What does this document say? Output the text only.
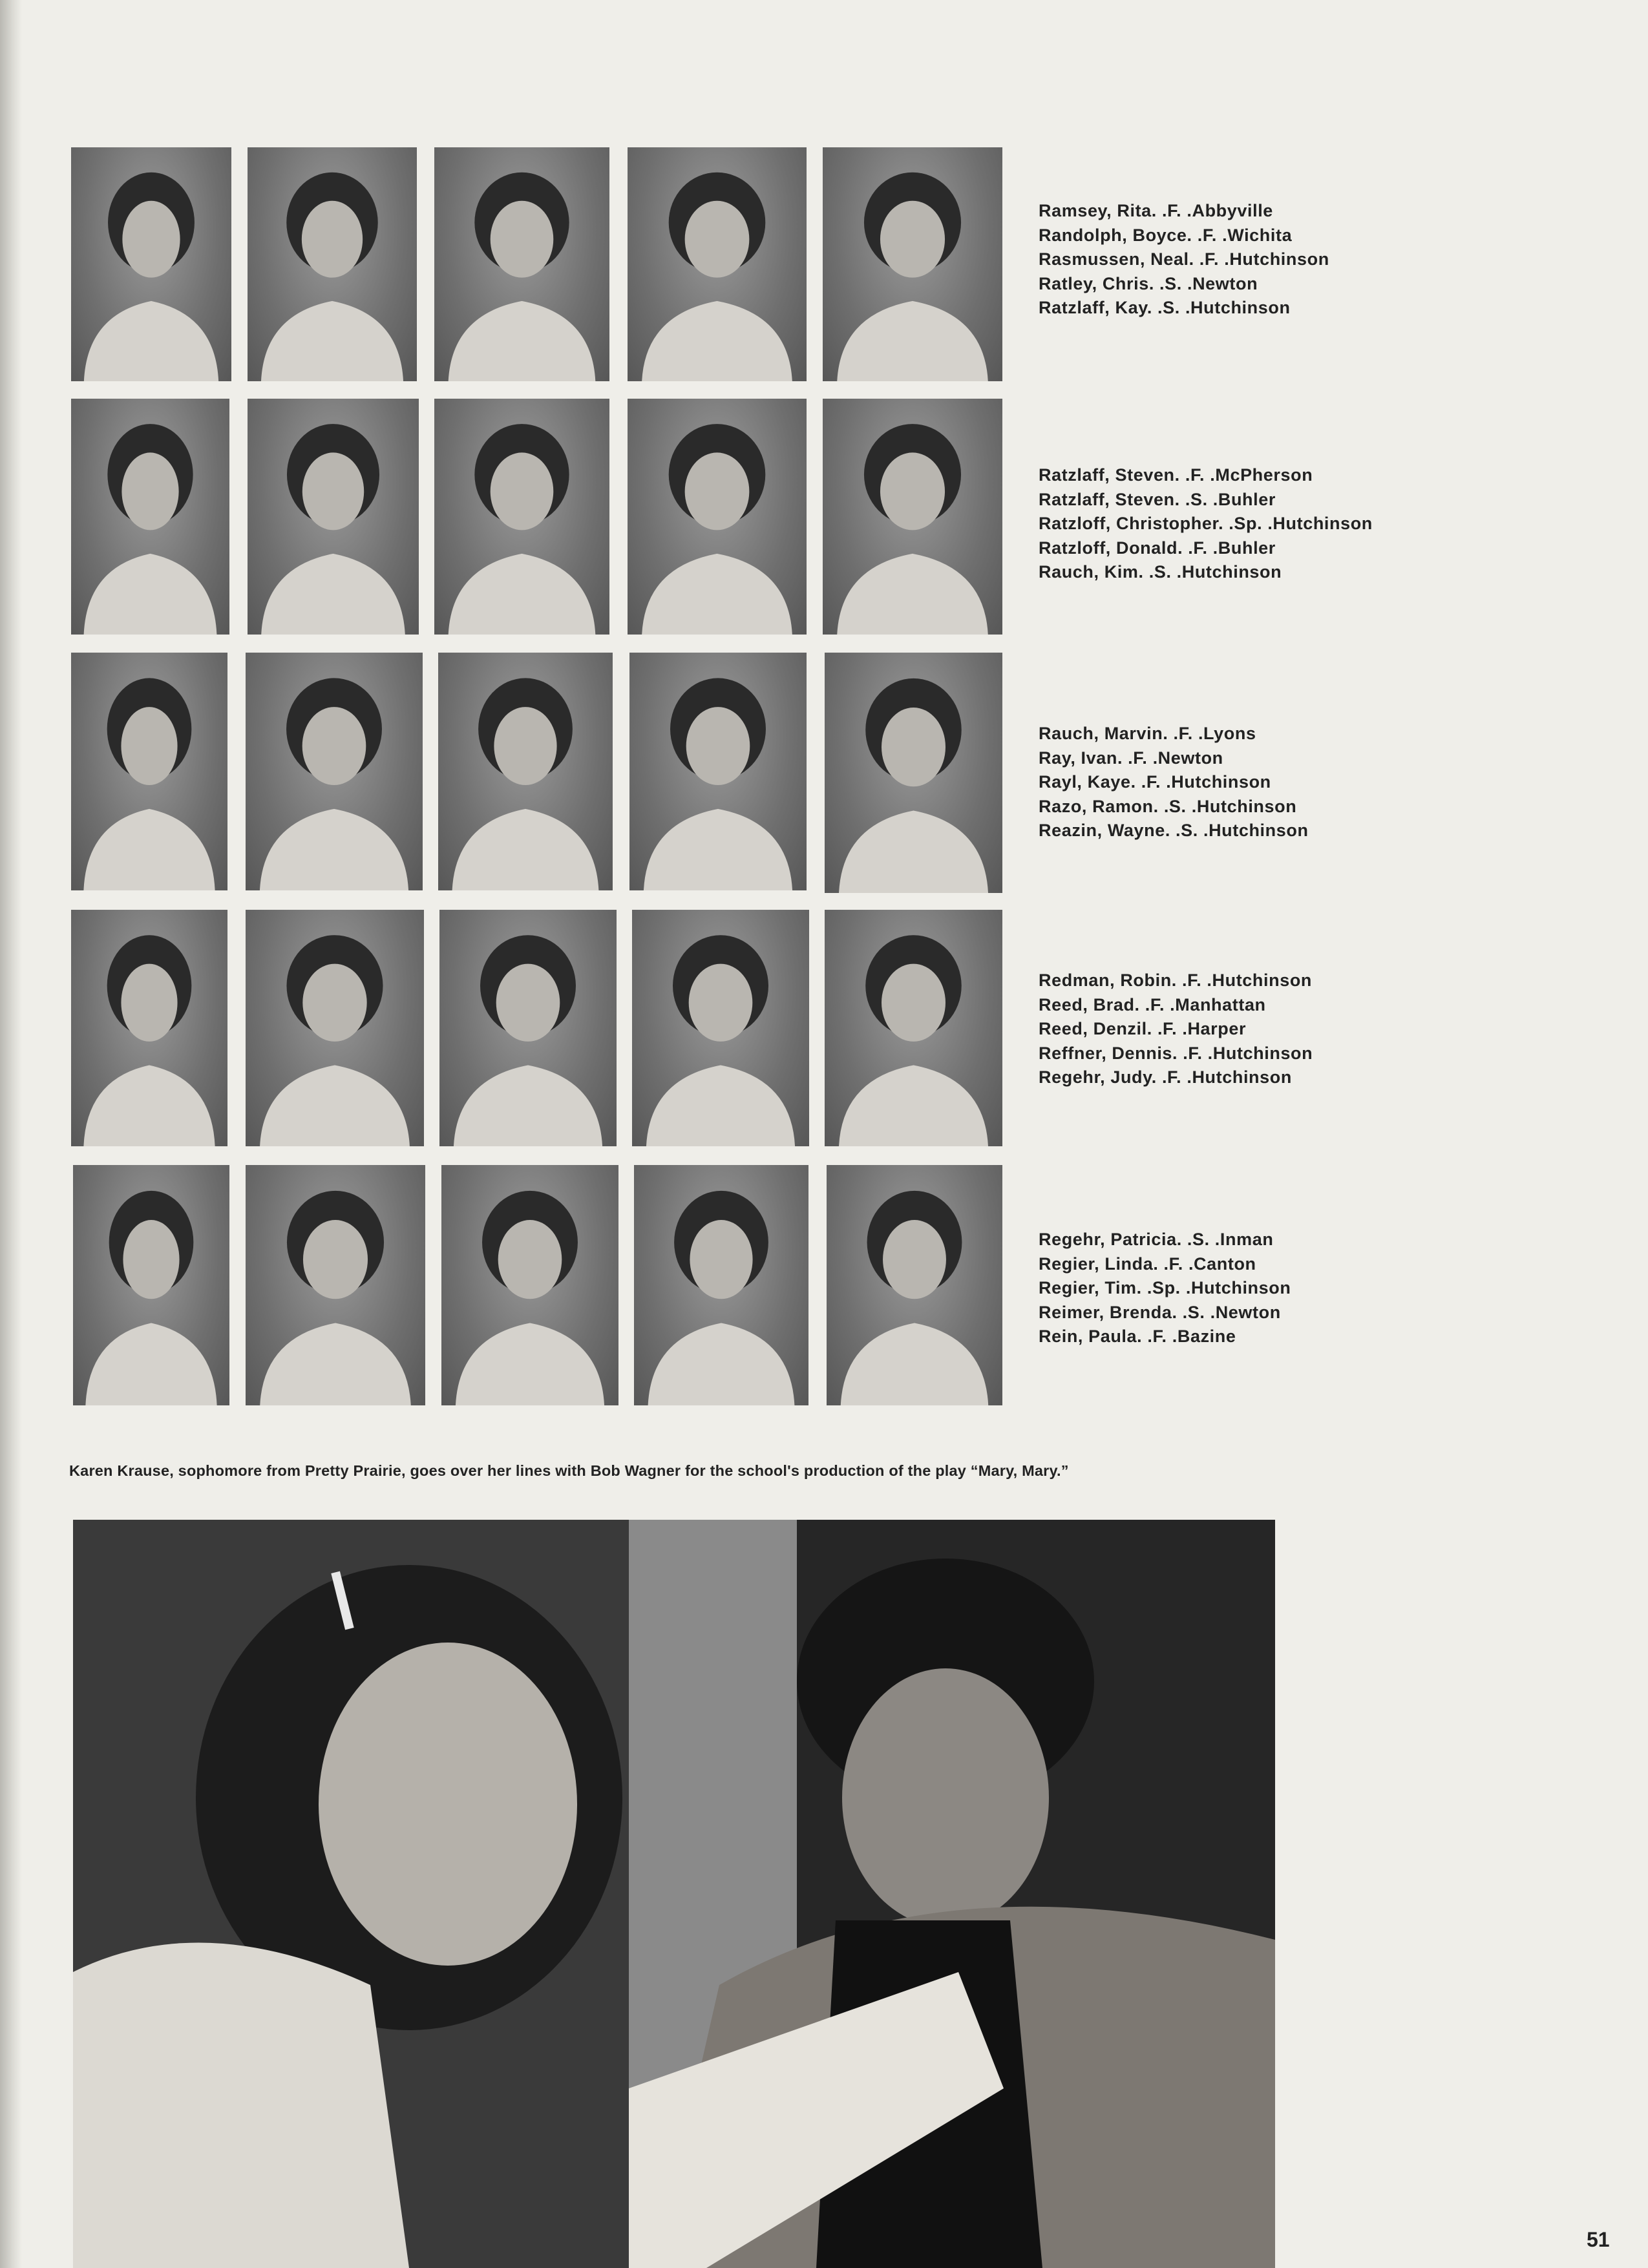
Ramsey, Rita. .F. .Abbyville
Randolph, Boyce. .F. .Wichita
Rasmussen, Neal. .F. .Hutchinson
Ratley, Chris. .S. .Newton
Ratzlaff, Kay. .S. .Hutchinson
Ratzlaff, Steven. .F. .McPherson
Ratzlaff, Steven. .S. .Buhler
Ratzloff, Christopher. .Sp. .Hutchinson
Ratzloff, Donald. .F. .Buhler
Rauch, Kim. .S. .Hutchinson
Rauch, Marvin. .F. .Lyons
Ray, Ivan. .F. .Newton
Rayl, Kaye. .F. .Hutchinson
Razo, Ramon. .S. .Hutchinson
Reazin, Wayne. .S. .Hutchinson
Redman, Robin. .F. .Hutchinson
Reed, Brad. .F. .Manhattan
Reed, Denzil. .F. .Harper
Reffner, Dennis. .F. .Hutchinson
Regehr, Judy. .F. .Hutchinson
Regehr, Patricia. .S. .Inman
Regier, Linda. .F. .Canton
Regier, Tim. .Sp. .Hutchinson
Reimer, Brenda. .S. .Newton
Rein, Paula. .F. .Bazine
Karen Krause, sophomore from Pretty Prairie, goes over her lines with Bob Wagner for the school's production of the play “Mary, Mary.”
51
